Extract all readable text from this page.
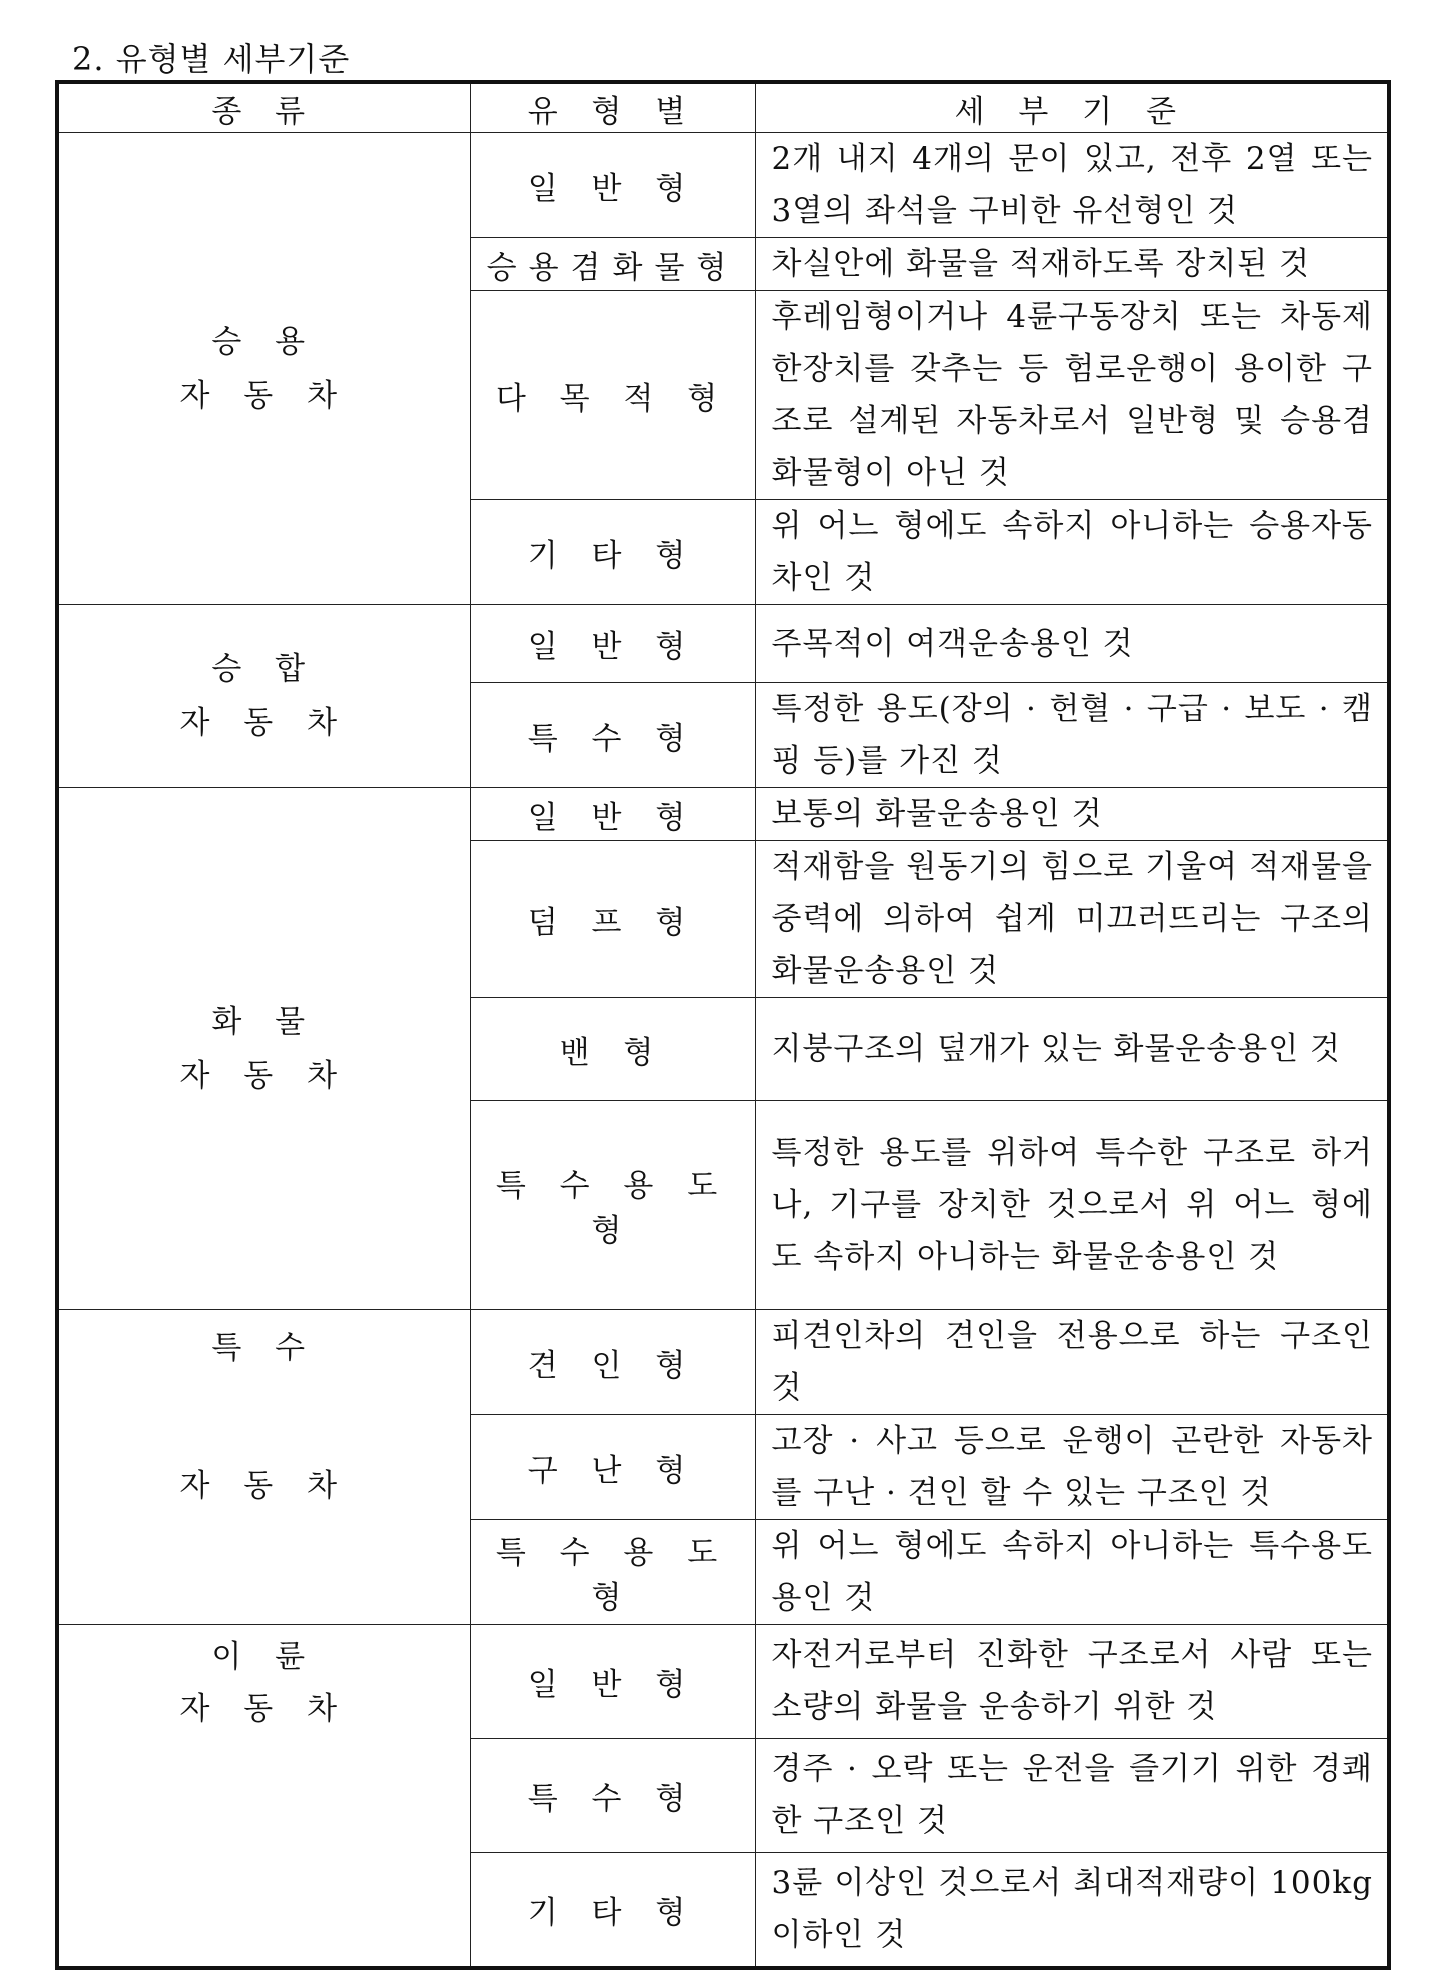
2. 유형별 세부기준
종 류	유 형 별	세 부 기 준

승 용
자 동 차	일 반 형	2개 내지 4개의 문이 있고, 전후 2열 또는 3열의 좌석을 구비한 유선형인 것
	승용겸화물형	차실안에 화물을 적재하도록 장치된 것
	다 목 적 형	후레임형이거나 4륜구동장치 또는 차동제한장치를 갖추는 등 험로운행이 용이한 구조로 설계된 자동차로서 일반형 및 승용겸화물형이 아닌 것
	기 타 형	위 어느 형에도 속하지 아니하는 승용자동차인 것

승 합
자 동 차	일 반 형	주목적이 여객운송용인 것
	특 수 형	특정한 용도(장의 · 헌혈 · 구급 · 보도 · 캠핑 등)를 가진 것

화 물
자 동 차	일 반 형	보통의 화물운송용인 것
	덤 프 형	적재함을 원동기의 힘으로 기울여 적재물을 중력에 의하여 쉽게 미끄러뜨리는 구조의 화물운송용인 것
	밴 형	지붕구조의 덮개가 있는 화물운송용인 것
	특 수 용 도 형	특정한 용도를 위하여 특수한 구조로 하거나, 기구를 장치한 것으로서 위 어느 형에도 속하지 아니하는 화물운송용인 것

특 수
자 동 차	견 인 형	피견인차의 견인을 전용으로 하는 구조인 것
	구 난 형	고장 · 사고 등으로 운행이 곤란한 자동차를 구난 · 견인 할 수 있는 구조인 것
	특 수 용 도 형	위 어느 형에도 속하지 아니하는 특수용도용인 것

이 륜
자 동 차	일 반 형	자전거로부터 진화한 구조로서 사람 또는 소량의 화물을 운송하기 위한 것
	특 수 형	경주 · 오락 또는 운전을 즐기기 위한 경쾌한 구조인 것
	기 타 형	3륜 이상인 것으로서 최대적재량이 100kg이하인 것
